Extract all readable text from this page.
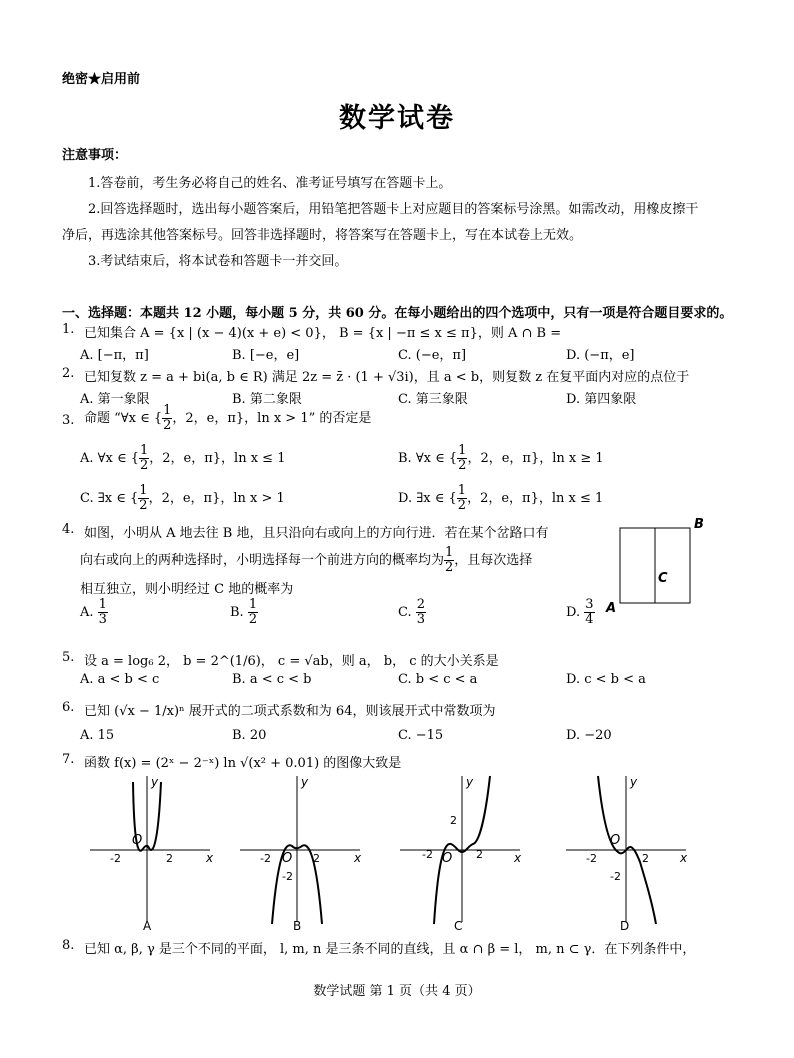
绝密★启用前
数学试卷
注意事项：
1.答卷前，考生务必将自己的姓名、准考证号填写在答题卡上。
2.回答选择题时，选出每小题答案后，用铅笔把答题卡上对应题目的答案标号涂黑。如需改动，用橡皮擦干
净后，再选涂其他答案标号。回答非选择题时，将答案写在答题卡上，写在本试卷上无效。
3.考试结束后，将本试卷和答题卡一并交回。
一、选择题：本题共 12 小题，每小题 5 分，共 60 分。在每小题给出的四个选项中，只有一项是符合题目要求的。
1. 已知集合 A = {x | (x − 4)(x + e) < 0}， B = {x | −π ≤ x ≤ π}，则 A ∩ B =
A. [−π，π]	B. [−e，e]	C. (−e，π]	D. (−π，e]
2. 已知复数 z = a + bi(a, b ∈ R) 满足 2z = z̄ · (1 + √3i)，且 a < b，则复数 z 在复平面内对应的点位于
A. 第一象限	B. 第二象限	C. 第三象限	D. 第四象限
3. 命题 “∀x ∈ { $\frac{1}{2}$ ，2，e，π}，ln x > 1” 的否定是
A. ∀x ∈ { $\frac{1}{2}$ ，2，e，π}，ln x ≤ 1	B. ∀x ∈ { $\frac{1}{2}$ ，2，e，π}，ln x ≥ 1
C. ∃x ∈ { $\frac{1}{2}$ ，2，e，π}，ln x > 1	D. ∃x ∈ { $\frac{1}{2}$ ，2，e，π}，ln x ≤ 1
4. 如图，小明从 A 地去往 B 地，且只沿向右或向上的方向行进．若在某个岔路口有
向右或向上的两种选择时，小明选择每一个前进方向的概率均为 $\frac{1}{2}$ ，且每次选择
相互独立，则小明经过 C 地的概率为
A. $\frac{1}{3}$	B. $\frac{1}{2}$	C. $\frac{2}{3}$	D. $\frac{3}{4}$
B
C
A
5. 设 a = log₆ 2， b = 2^(1/6)， c = √ab，则 a， b， c 的大小关系是
A. a < b < c	B. a < c < b	C. b < c < a	D. c < b < a
6. 已知 (√x − 1/x)ⁿ 展开式的二项式系数和为 64，则该展开式中常数项为
A. 15	B. 20	C. −15	D. −20
7. 函数 f(x) = (2ˣ − 2⁻ˣ) ln √(x² + 0.01) 的图像大致是
x
y
O
-2	2
A
x
y
O
-2	2
-2
B
x
y
O
-2	2
2
C
x
y
O
-2	2
-2
D
8. 已知 α, β, γ 是三个不同的平面， l, m, n 是三条不同的直线，且 α ∩ β = l， m, n ⊂ γ．在下列条件中，
数学试题 第 1 页（共 4 页）
